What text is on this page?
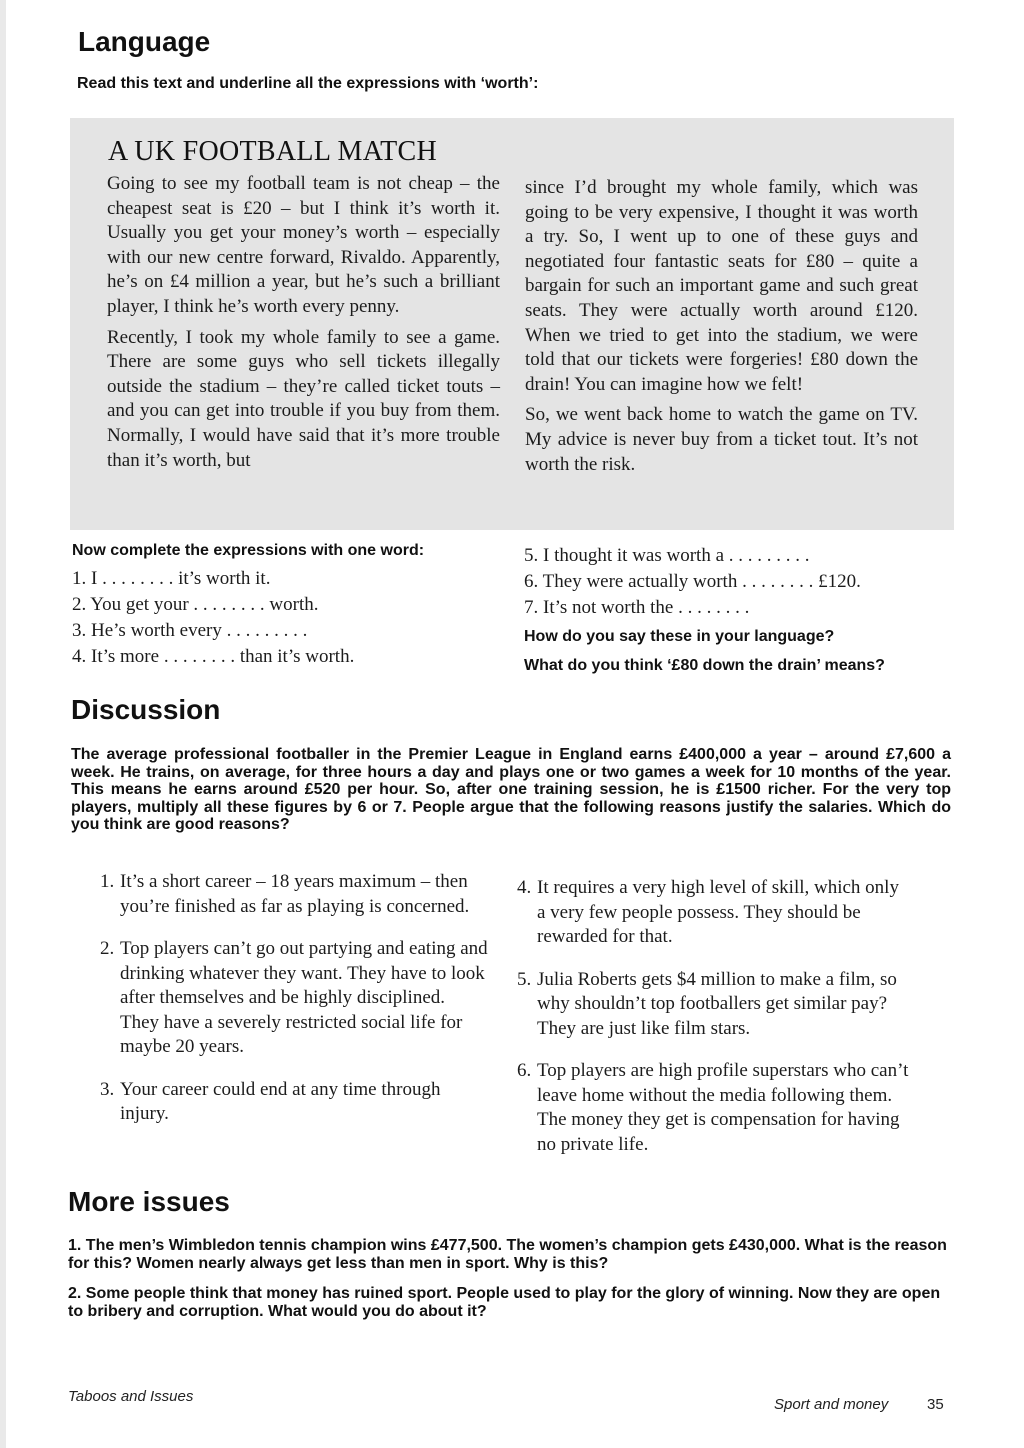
Language
Read this text and underline all the expressions with ‘worth’:
A UK FOOTBALL MATCH

Going to see my football team is not cheap – the cheapest seat is £20 – but I think it’s worth it. Usually you get your money’s worth – especially with our new centre forward, Rivaldo. Apparently, he’s on £4 million a year, but he’s such a brilliant player, I think he’s worth every penny.

Recently, I took my whole family to see a game. There are some guys who sell tickets illegally outside the stadium – they’re called ticket touts – and you can get into trouble if you buy from them. Normally, I would have said that it’s more trouble than it’s worth, but

since I’d brought my whole family, which was going to be very expensive, I thought it was worth a try. So, I went up to one of these guys and negotiated four fantastic seats for £80 – quite a bargain for such an important game and such great seats. They were actually worth around £120. When we tried to get into the stadium, we were told that our tickets were forgeries! £80 down the drain! You can imagine how we felt!

So, we went back home to watch the game on TV. My advice is never buy from a ticket tout. It’s not worth the risk.

Now complete the expressions with one word:
1. I . . . . . . . . it’s worth it.
2. You get your . . . . . . . . worth.
3. He’s worth every . . . . . . . . .
4. It’s more . . . . . . . . than it’s worth.
5. I thought it was worth a . . . . . . . . .
6. They were actually worth . . . . . . . . £120.
7. It’s not worth the . . . . . . . .
How do you say these in your language?
What do you think ‘£80 down the drain’ means?
Discussion
The average professional footballer in the Premier League in England earns £400,000 a year – around £7,600 a week. He trains, on average, for three hours a day and plays one or two games a week for 10 months of the year. This means he earns around £520 per hour. So, after one training session, he is £1500 richer. For the very top players, multiply all these figures by 6 or 7. People argue that the following reasons justify the salaries. Which do you think are good reasons?
1. It’s a short career – 18 years maximum – then you’re finished as far as playing is concerned.
2. Top players can’t go out partying and eating and drinking whatever they want. They have to look after themselves and be highly disciplined. They have a severely restricted social life for maybe 20 years.
3. Your career could end at any time through injury.
4. It requires a very high level of skill, which only a very few people possess. They should be rewarded for that.
5. Julia Roberts gets $4 million to make a film, so why shouldn’t top footballers get similar pay? They are just like film stars.
6. Top players are high profile superstars who can’t leave home without the media following them. The money they get is compensation for having no private life.
More issues
1. The men’s Wimbledon tennis champion wins £477,500. The women’s champion gets £430,000. What is the reason for this? Women nearly always get less than men in sport. Why is this?
2. Some people think that money has ruined sport. People used to play for the glory of winning. Now they are open to bribery and corruption. What would you do about it?
Taboos and Issues	Sport and money	35
